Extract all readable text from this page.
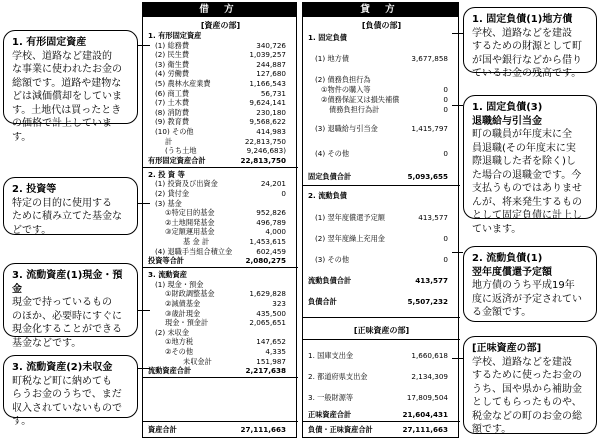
借 方
[資産の部]
1. 有形固定資産
(1) 総務費	340,726
(2) 民生費	1,039,257
(3) 衛生費	244,887
(4) 労働費	127,680
(5) 農林水産業費	1,166,543
(6) 商工費	56,731
(7) 土木費	9,624,141
(8) 消防費	230,180
(9) 教育費	9,568,622
(10) その他	414,983
計	22,813,750
(うち土地	9,246,683)
有形固定資産合計	22,813,750
2. 投 資 等
(1) 投資及び出資金	24,201
(2) 貸付金	0
(3) 基金
①特定目的基金	952,826
②土地開発基金	496,789
③定額運用基金	4,000
基 金 計	1,453,615
(4) 退職手当組合積立金	602,459
投資等合計	2,080,275
3. 流動資産
(1) 現金・預金
①財政調整基金	1,629,828
②減債基金	323
③歳計現金	435,500
現金・預金計	2,065,651
(2) 未収金
①地方税	147,652
②その他	4,335
未収金計	151,987
流動資産合計	2,217,638
資産合計	27,111,663
貸 方
[負債の部]
1. 固定負債
(1) 地方債	3,677,858
(2) 債務負担行為
①物件の購入等	0
②債務保証又は損失補償	0
債務負担行為計	0
(3) 退職給与引当金	1,415,797
(4) その他	0
固定負債合計	5,093,655
2. 流動負債
(1) 翌年度償還予定額	413,577
(2) 翌年度繰上充用金	0
(3) その他	0
流動負債合計	413,577
負債合計	5,507,232
[正味資産の部]
1. 国庫支出金	1,660,618
2. 都道府県支出金	2,134,309
3. 一般財源等	17,809,504
正味資産合計	21,604,431
負債・正味資産合計	27,111,663
1. 有形固定資産
学校、道路など建設的
な事業に使われたお金の
総額です。道路や建物な
どは減価償却をしていま
す。土地代は買ったとき
の価格で計上しています。
2. 投資等
特定の目的に使用する
ために積み立てた基金な
どです。
3. 流動資産(1)現金・預金
現金で持っているもの
のほか、必要時にすぐに
現金化することができる
基金などです。
3. 流動資産(2)未収金
町税など町に納めても
らうお金のうちで、まだ
収入されていないもので
す。
1. 固定負債(1)地方債
学校、道路などを建設
するための財源として町
が国や銀行などから借り
ているお金の残高です。
1. 固定負債(3)
退職給与引当金
町の職員が年度末に全
員退職(その年度末に実
際退職した者を除く)し
た場合の退職金です。今
支払うものではありませ
んが、将来発生するもの
として固定負債に計上し
ています。
2. 流動負債(1)
翌年度償還予定額
地方債のうち平成19年
度に返済が予定されてい
る金額です。
[正味資産の部]
学校、道路などを建設
するために使ったお金の
うち、国や県から補助金
としてもらったものや、
税金などの町のお金の総
額です。
